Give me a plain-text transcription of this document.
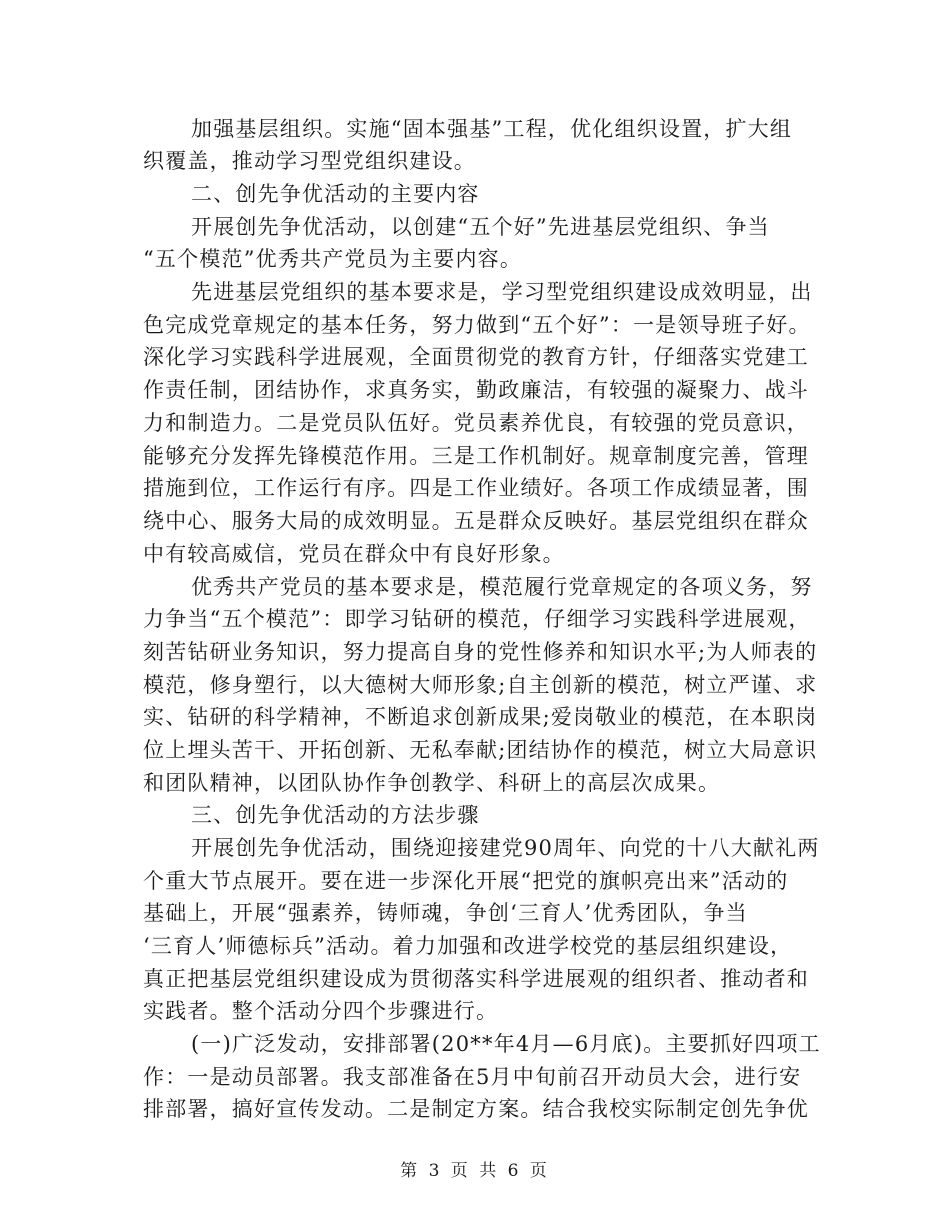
加强基层组织。实施“固本强基”工程，优化组织设置，扩大组
织覆盖，推动学习型党组织建设。
二、创先争优活动的主要内容
开展创先争优活动，以创建“五个好”先进基层党组织、争当
“五个模范”优秀共产党员为主要内容。
先进基层党组织的基本要求是，学习型党组织建设成效明显，出
色完成党章规定的基本任务，努力做到“五个好”：一是领导班子好。
深化学习实践科学进展观，全面贯彻党的教育方针，仔细落实党建工
作责任制，团结协作，求真务实，勤政廉洁，有较强的凝聚力、战斗
力和制造力。二是党员队伍好。党员素养优良，有较强的党员意识，
能够充分发挥先锋模范作用。三是工作机制好。规章制度完善，管理
措施到位，工作运行有序。四是工作业绩好。各项工作成绩显著，围
绕中心、服务大局的成效明显。五是群众反映好。基层党组织在群众
中有较高威信，党员在群众中有良好形象。
优秀共产党员的基本要求是，模范履行党章规定的各项义务，努
力争当“五个模范”：即学习钻研的模范，仔细学习实践科学进展观，
刻苦钻研业务知识，努力提高自身的党性修养和知识水平;为人师表的
模范，修身塑行，以大德树大师形象;自主创新的模范，树立严谨、求
实、钻研的科学精神，不断追求创新成果;爱岗敬业的模范，在本职岗
位上埋头苦干、开拓创新、无私奉献;团结协作的模范，树立大局意识
和团队精神，以团队协作争创教学、科研上的高层次成果。
三、创先争优活动的方法步骤
开展创先争优活动，围绕迎接建党90周年、向党的十八大献礼两
个重大节点展开。要在进一步深化开展“把党的旗帜亮出来”活动的
基础上，开展“强素养，铸师魂，争创‘三育人’优秀团队，争当
‘三育人’师德标兵”活动。着力加强和改进学校党的基层组织建设，
真正把基层党组织建设成为贯彻落实科学进展观的组织者、推动者和
实践者。整个活动分四个步骤进行。
(一)广泛发动，安排部署(20**年4月—6月底)。主要抓好四项工
作：一是动员部署。我支部准备在5月中旬前召开动员大会，进行安
排部署，搞好宣传发动。二是制定方案。结合我校实际制定创先争优
第 3 页 共 6 页
